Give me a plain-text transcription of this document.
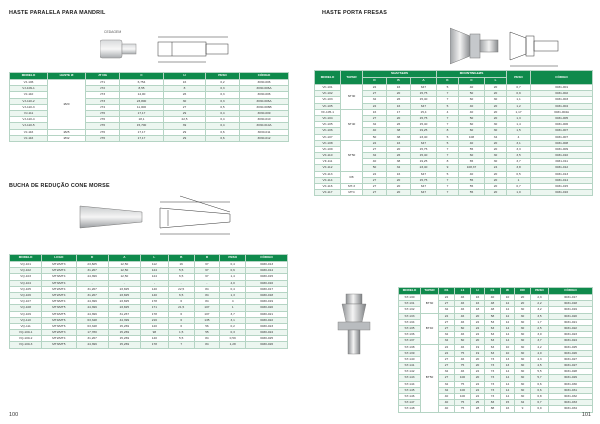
HASTE PARALELA PARA MANDRIL
CEDAGEM
MODELO	HASTE Ø	JT NG	C	H	PESO	CÓDIGO
VJ-106	Ø20	JT1	6,754	16	0,2	3030-006
VJ-109-1		JT2	8,55	8	0,3	3030-006A
VJ-110		JT3	14,00	26	0,3	3030-006
VJ-110-2		JT3	23,800	30	0,3	3030-006A
VJ-110-3		JT4	11,000	27	0,5	3030-006B
VJ-111		JT6	17,17	29	0,4	3030-009
VJ-110-4		JT6	18,1	22,5	0,4	3030-010
VJ-110-5		JT6	15,700	39	0,4	3030-010A
VJ-116	Ø25	JT6	17,17	29	0,6	3030-011
VJ-116	Ø32	JT6	17,17	29	0,6	3030-012
BUCHA DE REDUÇÃO CONE MORSE
MODELO	LOGO	D	A	L	B	R	PESO	CÓDIGO
VQ-101	MT2/MT3	23,825	12,50	112	16	67	0,4	3030-013
VQ-102	MT2/MT4	31,267	12,50	124	5,5	67	0,6	3030-014
VQ-103	MT3/MT4	44,399	12,50	124	6,5	67	1,4	3030-015
VQ-104	MT3/MT4	-	-	-	-	-	4,0	3030-016
VQ-105	MT2/MT4	31,267	23,825	140	22,5	84	0,4	3030-017
VQ-106	MT2/MT4	31,267	23,825	140	6,5	84	1,3	3030-018
VQ-107	MT3/MT4	44,399	23,825	178	6	84	4	3030-019
VQ-108	MT3/MT5	44,399	23,825	171	21,5	107	1	3030-020
VQ-109	MT4/MT5	44,399	31,267	178	6	107	3,7	3030-021
VQ-110	MT4/MT6	63,348	44,399	216	6	135	3,1	3030-022
VQ-111	MT3/MT6	63,348	15,269	120	6	56	0,2	3030-023
VQ-100-1	MT2/MT3	17,780	15,269	98	1,5	55	0,3	3030-024
VQ-100-2	MT2/MT4	31,267	15,269	140	5,5	84	0,59	3030-025
VQ-100-3	MT3/MT5	44,399	15,269	178	7	84	1,28	3030-026
100
HASTE PORTA FRESAS
MODELO	TAPER	SHAFT&ØS			MOUNTING&ØS			PESO	CÓDIGO
		D	B	A	K	C	L		
VF-101	NT30	22	16	647	5	40	20	0,7	3031-001
VF-102		27	20	15,75	7	50	20	0,9	3031-002
VF-103		32	26	15,40	7	60	30	1,1	3031-003
VF-105		22	16	647	5	40	20	1,2	3031-004
VF-105-1	NT40	16	17	15,4	4	40	20	1,17	3031-004A
VF-104		27	20	15,75	7	50	20	1,3	3031-005
VF-105		32	26	15,40	7	60	30	1,4	3031-006
VF-106		40	38	19,25	8	60	30	1,5	3031-007
VF-107		50	38	23,40	5	108	34	4	3031-007
VF-108	NT50	22	16	647	5	40	20	3,1	3031-008
VF-109		27	20	15,75	7	55	20	3,3	3031-009
VF-110		32	26	15,40	7	60	30	3,5	3031-010
VF-111		40	38	19,25	8	65	30	3,7	3031-011
VF-112		50	32	23,40	9	108,37	24	3,8	3031-012
VF-113	R8	22	16	647	5	40	20	0,5	3031-013
VF-114		27	20	15,75	7	55	20	1	3031-014
VF-116	MT-3	27	20	647	7	55	20	0,7	3031-015
VF-117	MT4	27	20	647	7	55	20	1,0	3031-016
MODELO	TAPER	D1	L1	H	C1	W	DR	PESO	CÓDIGO
ST-130	BT30	22	46	16	40	10	20	2,3	3031-017
ST-131		27	46	16	48	12	20	2,2	3031-018
ST-132		32	46	18	48	12	30	3,2	3031-019
ST-133	BT40	22	46	20	58	12	30	3,5	3031-020
ST-134		27	46	22	53	12	30	1,7	3031-021
ST-135		27	60	22	63	14	30	2,5	3031-022
ST-136		32	46	22	63	14	30	3,0	3031-023
ST-137		32	60	20	63	14	30	3,7	3031-024
ST-138	BT50	22	46	19	63	10	30	4,2	3031-025
ST-139		22	75	19	63	10	30	4,0	3031-026
ST-140		27	46	20	73	13	30	4,3	3031-027
ST-141		27	75	20	73	13	30	4,5	3031-027
ST-142		32	46	22	73	14	30	5,5	3031-028
ST-143		27	100	20	73	14	30	5,7	3031-029
ST-144		32	75	22	73	14	30	6,6	3031-030
ST-145		32	100	22	73	14	30	6,6	3031-031
ST-146		40	100	22	73	14	30	6,8	3031-032
ST-147		40	75	25	83	15	32	6,7	3031-033
ST-148		40	75	28	88	16	9	6,9	3031-034
101
